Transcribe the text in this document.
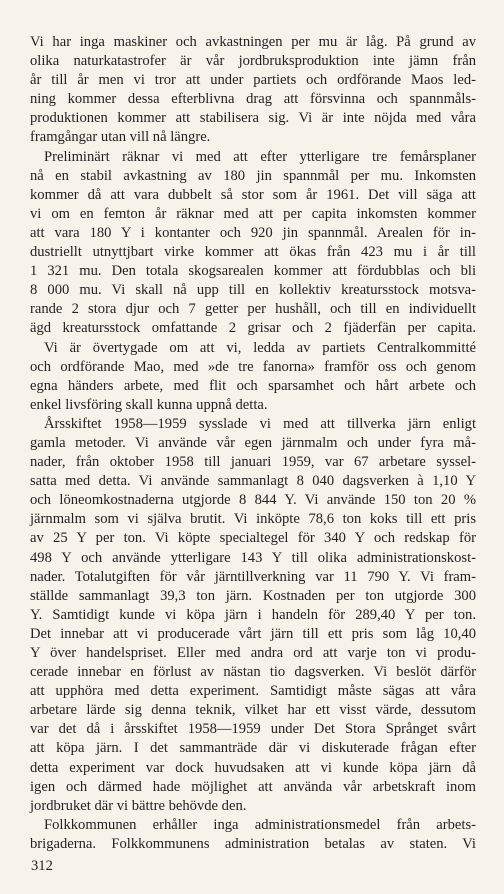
Vi har inga maskiner och avkastningen per mu är låg. På grund av
olika naturkatastrofer är vår jordbruksproduktion inte jämn från
år till år men vi tror att under partiets och ordförande Maos led-
ning kommer dessa efterblivna drag att försvinna och spannmåls-
produktionen kommer att stabilisera sig. Vi är inte nöjda med våra
framgångar utan vill nå längre.

Preliminärt räknar vi med att efter ytterligare tre femårsplaner
nå en stabil avkastning av 180 jin spannmål per mu. Inkomsten
kommer då att vara dubbelt så stor som år 1961. Det vill säga att
vi om en femton år räknar med att per capita inkomsten kommer
att vara 180 Y i kontanter och 920 jin spannmål. Arealen för in-
dustriellt utnyttjbart virke kommer att ökas från 423 mu i år till
1 321 mu. Den totala skogsarealen kommer att fördubblas och bli
8 000 mu. Vi skall nå upp till en kollektiv kreatursstock motsva-
rande 2 stora djur och 7 getter per hushåll, och till en individuellt
ägd kreatursstock omfattande 2 grisar och 2 fjäderfän per capita.

Vi är övertygade om att vi, ledda av partiets Centralkommitté
och ordförande Mao, med »de tre fanorna» framför oss och genom
egna händers arbete, med flit och sparsamhet och hårt arbete och
enkel livsföring skall kunna uppnå detta.

Årsskiftet 1958—1959 sysslade vi med att tillverka järn enligt
gamla metoder. Vi använde vår egen järnmalm och under fyra må-
nader, från oktober 1958 till januari 1959, var 67 arbetare syssel-
satta med detta. Vi använde sammanlagt 8 040 dagsverken à 1,10 Y
och löneomkostnaderna utgjorde 8 844 Y. Vi använde 150 ton 20 %
järnmalm som vi själva brutit. Vi inköpte 78,6 ton koks till ett pris
av 25 Y per ton. Vi köpte specialtegel för 340 Y och redskap för
498 Y och använde ytterligare 143 Y till olika administrationskost-
nader. Totalutgiften för vår järntillverkning var 11 790 Y. Vi fram-
ställde sammanlagt 39,3 ton järn. Kostnaden per ton utgjorde 300
Y. Samtidigt kunde vi köpa järn i handeln för 289,40 Y per ton.
Det innebar att vi producerade vårt järn till ett pris som låg 10,40
Y över handelspriset. Eller med andra ord att varje ton vi produ-
cerade innebar en förlust av nästan tio dagsverken. Vi beslöt därför
att upphöra med detta experiment. Samtidigt måste sägas att våra
arbetare lärde sig denna teknik, vilket har ett visst värde, dessutom
var det då i årsskiftet 1958—1959 under Det Stora Språnget svårt
att köpa järn. I det sammanträde där vi diskuterade frågan efter
detta experiment var dock huvudsaken att vi kunde köpa järn då
igen och därmed hade möjlighet att använda vår arbetskraft inom
jordbruket där vi bättre behövde den.

Folkkommunen erhåller inga administrationsmedel från arbets-
brigaderna. Folkkommunens administration betalas av staten. Vi

312
